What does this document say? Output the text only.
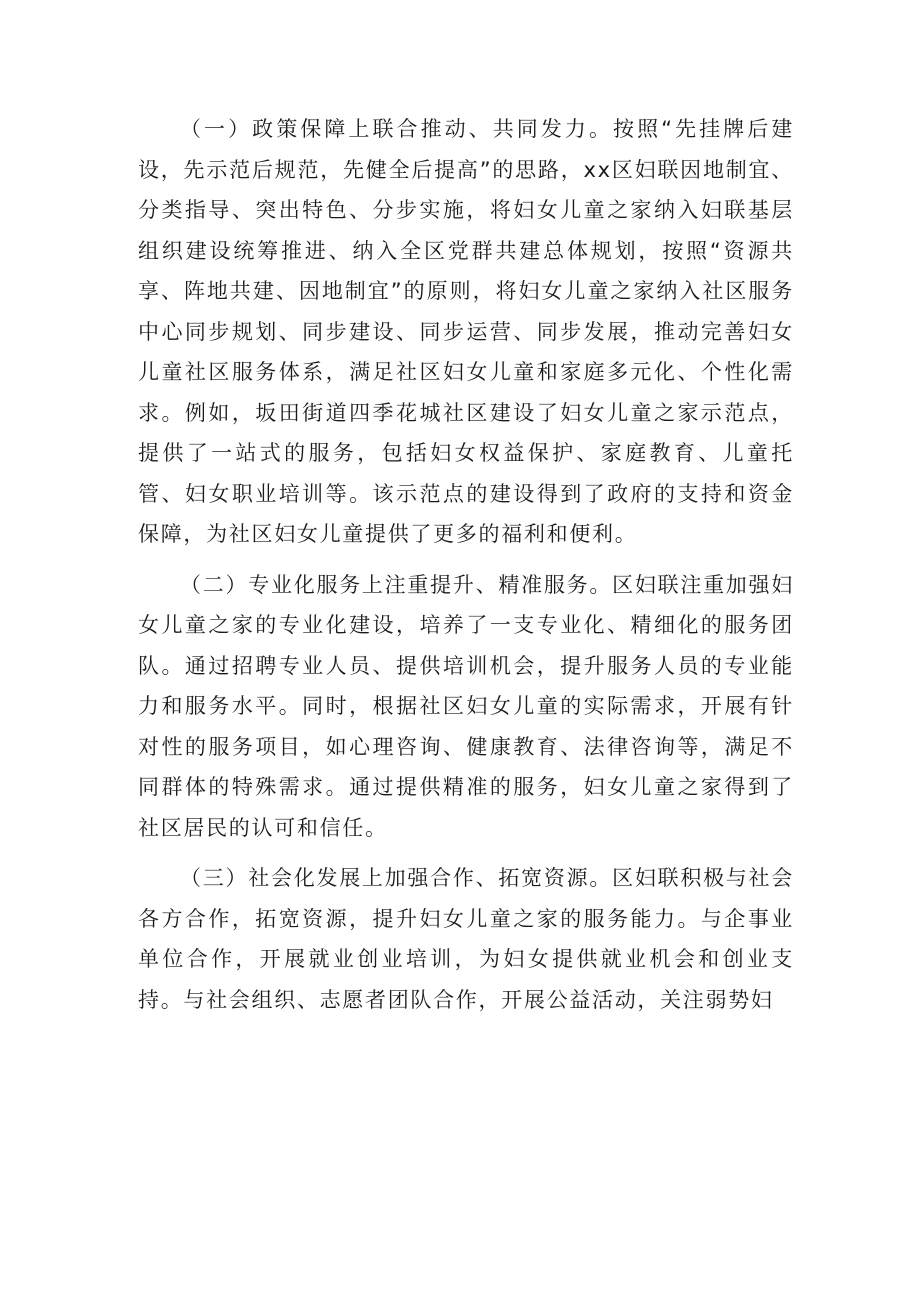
（一）政策保障上联合推动、共同发力。按照“先挂牌后建设，先示范后规范，先健全后提高”的思路，xx区妇联因地制宜、分类指导、突出特色、分步实施，将妇女儿童之家纳入妇联基层组织建设统筹推进、纳入全区党群共建总体规划，按照“资源共享、阵地共建、因地制宜”的原则，将妇女儿童之家纳入社区服务中心同步规划、同步建设、同步运营、同步发展，推动完善妇女儿童社区服务体系，满足社区妇女儿童和家庭多元化、个性化需求。例如，坂田街道四季花城社区建设了妇女儿童之家示范点，提供了一站式的服务，包括妇女权益保护、家庭教育、儿童托管、妇女职业培训等。该示范点的建设得到了政府的支持和资金保障，为社区妇女儿童提供了更多的福利和便利。

（二）专业化服务上注重提升、精准服务。区妇联注重加强妇女儿童之家的专业化建设，培养了一支专业化、精细化的服务团队。通过招聘专业人员、提供培训机会，提升服务人员的专业能力和服务水平。同时，根据社区妇女儿童的实际需求，开展有针对性的服务项目，如心理咨询、健康教育、法律咨询等，满足不同群体的特殊需求。通过提供精准的服务，妇女儿童之家得到了社区居民的认可和信任。

（三）社会化发展上加强合作、拓宽资源。区妇联积极与社会各方合作，拓宽资源，提升妇女儿童之家的服务能力。与企事业单位合作，开展就业创业培训，为妇女提供就业机会和创业支持。与社会组织、志愿者团队合作，开展公益活动，关注弱势妇
